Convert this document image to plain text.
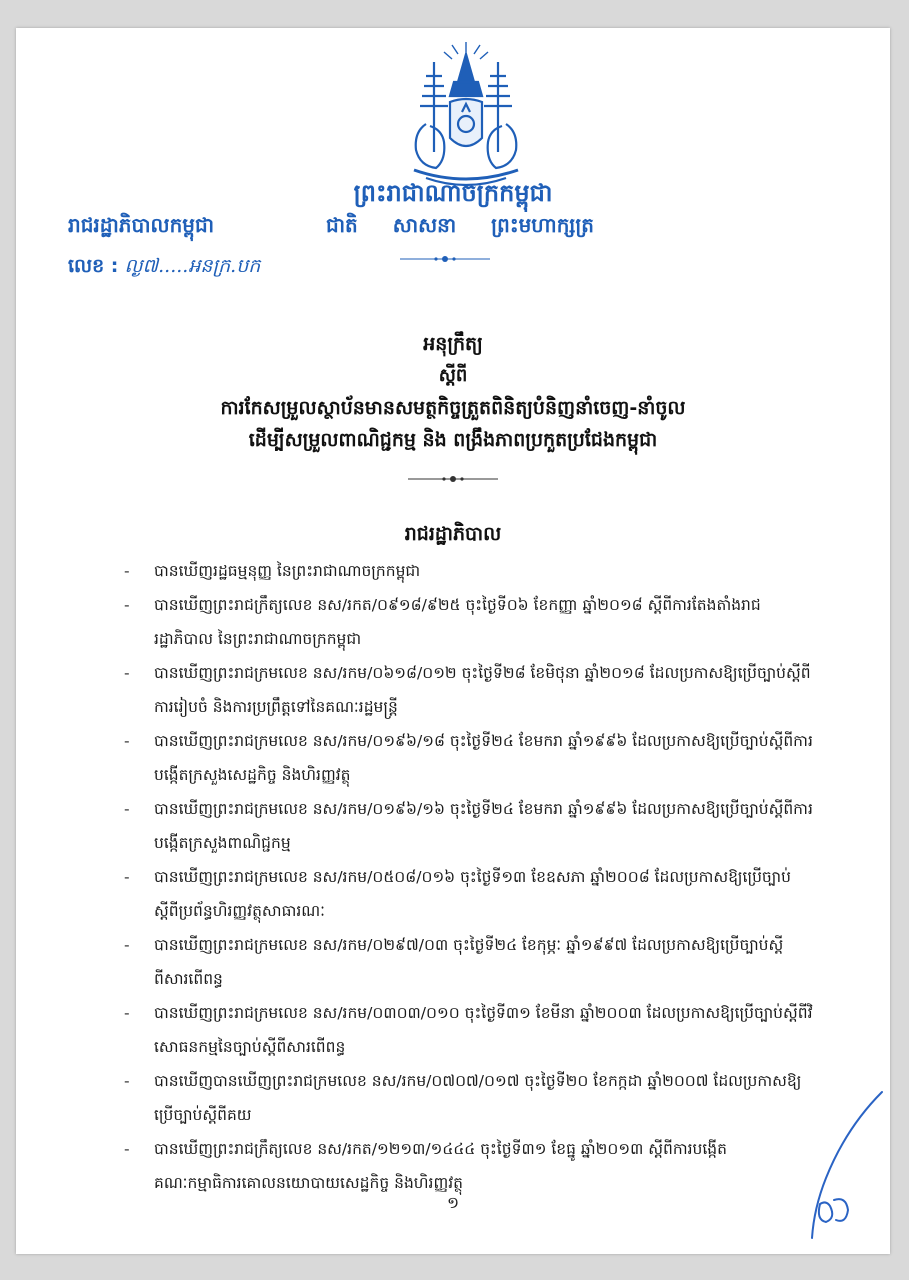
ព្រះរាជាណាចក្រកម្ពុជា
ជាតិ សាសនា ព្រះមហាក្សត្រ
រាជរដ្ឋាភិបាលកម្ពុជា
លេខ : ល្ង៧.....អនក្រ.បក
អនុក្រឹត្យ
ស្តីពី
ការកែសម្រួលស្ថាប័នមានសមត្ថកិច្ចត្រួតពិនិត្យបំនិញនាំចេញ-នាំចូល
ដើម្បីសម្រួលពាណិជ្ជកម្ម និង ពង្រឹងភាពប្រកួតប្រជែងកម្ពុជា
រាជរដ្ឋាភិបាល
- បានឃើញរដ្ឋធម្មនុញ្ញ នៃព្រះរាជាណាចក្រកម្ពុជា
- បានឃើញព្រះរាជក្រឹត្យលេខ នស/រកត/០៩១៨/៩២៥ ចុះថ្ងៃទី០៦ ខែកញ្ញា ឆ្នាំ២០១៨ ស្តីពីការតែងតាំងរាជរដ្ឋាភិបាល នៃព្រះរាជាណាចក្រកម្ពុជា
- បានឃើញព្រះរាជក្រមលេខ នស/រកម/០៦១៨/០១២ ចុះថ្ងៃទី២៨ ខែមិថុនា ឆ្នាំ២០១៨ ដែលប្រកាសឱ្យប្រើច្បាប់ស្តីពីការរៀបចំ និងការប្រព្រឹត្តទៅនៃគណៈរដ្ឋមន្ត្រី
- បានឃើញព្រះរាជក្រមលេខ នស/រកម/០១៩៦/១៨ ចុះថ្ងៃទី២៤ ខែមករា ឆ្នាំ១៩៩៦ ដែលប្រកាសឱ្យប្រើច្បាប់ស្តីពីការបង្កើតក្រសួងសេដ្ឋកិច្ច និងហិរញ្ញវត្ថុ
- បានឃើញព្រះរាជក្រមលេខ នស/រកម/០១៩៦/១៦ ចុះថ្ងៃទី២៤ ខែមករា ឆ្នាំ១៩៩៦ ដែលប្រកាសឱ្យប្រើច្បាប់ស្តីពីការបង្កើតក្រសួងពាណិជ្ជកម្ម
- បានឃើញព្រះរាជក្រមលេខ នស/រកម/០៥០៨/០១៦ ចុះថ្ងៃទី១៣ ខែឧសភា ឆ្នាំ២០០៨ ដែលប្រកាសឱ្យប្រើច្បាប់ស្តីពីប្រព័ន្ធហិរញ្ញវត្ថុសាធារណៈ
- បានឃើញព្រះរាជក្រមលេខ នស/រកម/០២៩៧/០៣ ចុះថ្ងៃទី២៤ ខែកុម្ភៈ ឆ្នាំ១៩៩៧ ដែលប្រកាសឱ្យប្រើច្បាប់ស្តីពីសារពើពន្ធ
- បានឃើញព្រះរាជក្រមលេខ នស/រកម/០៣០៣/០១០ ចុះថ្ងៃទី៣១ ខែមីនា ឆ្នាំ២០០៣ ដែលប្រកាសឱ្យប្រើច្បាប់ស្តីពីវិសោធនកម្មនៃច្បាប់ស្តីពីសារពើពន្ធ
- បានឃើញបានឃើញព្រះរាជក្រមលេខ នស/រកម/០៧០៧/០១៧ ចុះថ្ងៃទី២០ ខែកក្កដា ឆ្នាំ២០០៧ ដែលប្រកាសឱ្យប្រើច្បាប់ស្តីពីគយ
- បានឃើញព្រះរាជក្រឹត្យលេខ នស/រកត/១២១៣/១៤៤៤ ចុះថ្ងៃទី៣១ ខែធ្នូ ឆ្នាំ២០១៣ ស្តីពីការបង្កើតគណៈកម្មាធិការគោលនយោបាយសេដ្ឋកិច្ច និងហិរញ្ញវត្ថុ
១
